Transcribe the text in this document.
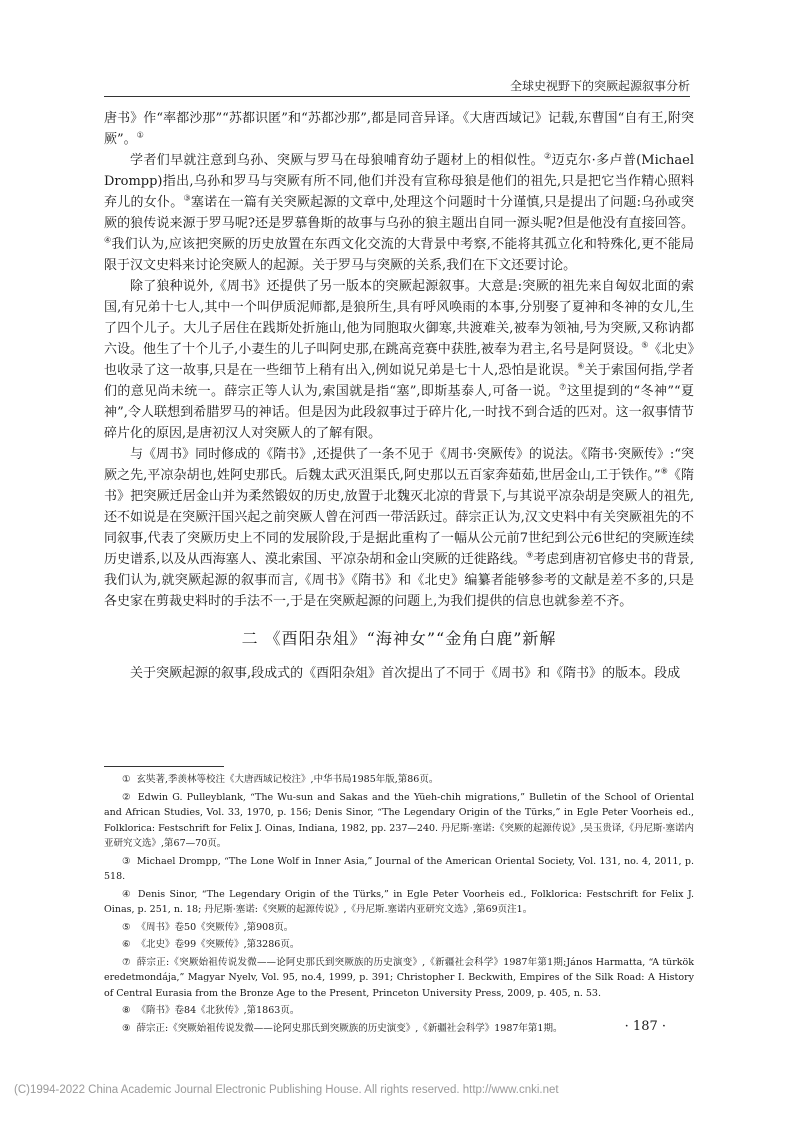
全球史视野下的突厥起源叙事分析

唐书》作“率都沙那”“苏都识匿”和“苏都沙那”,都是同音异译。《大唐西域记》记载,东曹国“自有王,附突厥”。①

学者们早就注意到乌孙、突厥与罗马在母狼哺育幼子题材上的相似性。②迈克尔·多卢普(Michael Drompp)指出,乌孙和罗马与突厥有所不同,他们并没有宣称母狼是他们的祖先,只是把它当作精心照料弃儿的女仆。③塞诺在一篇有关突厥起源的文章中,处理这个问题时十分谨慎,只是提出了问题:乌孙或突厥的狼传说来源于罗马呢?还是罗慕鲁斯的故事与乌孙的狼主题出自同一源头呢?但是他没有直接回答。④我们认为,应该把突厥的历史放置在东西文化交流的大背景中考察,不能将其孤立化和特殊化,更不能局限于汉文史料来讨论突厥人的起源。关于罗马与突厥的关系,我们在下文还要讨论。

除了狼种说外,《周书》还提供了另一版本的突厥起源叙事。大意是:突厥的祖先来自匈奴北面的索国,有兄弟十七人,其中一个叫伊质泥师都,是狼所生,具有呼风唤雨的本事,分别娶了夏神和冬神的女儿,生了四个儿子。大儿子居住在践斯处折施山,他为同胞取火御寒,共渡难关,被奉为领袖,号为突厥,又称讷都六设。他生了十个儿子,小妻生的儿子叫阿史那,在跳高竞赛中获胜,被奉为君主,名号是阿贤设。⑤《北史》也收录了这一故事,只是在一些细节上稍有出入,例如说兄弟是七十人,恐怕是讹误。⑥关于索国何指,学者们的意见尚未统一。薛宗正等人认为,索国就是指“塞”,即斯基泰人,可备一说。⑦这里提到的“冬神”“夏神”,令人联想到希腊罗马的神话。但是因为此段叙事过于碎片化,一时找不到合适的匹对。这一叙事情节碎片化的原因,是唐初汉人对突厥人的了解有限。

与《周书》同时修成的《隋书》,还提供了一条不见于《周书·突厥传》的说法。《隋书·突厥传》:“突厥之先,平凉杂胡也,姓阿史那氏。后魏太武灭沮渠氏,阿史那以五百家奔茹茹,世居金山,工于铁作。”⑧《隋书》把突厥迁居金山并为柔然锻奴的历史,放置于北魏灭北凉的背景下,与其说平凉杂胡是突厥人的祖先,还不如说是在突厥汗国兴起之前突厥人曾在河西一带活跃过。薛宗正认为,汉文史料中有关突厥祖先的不同叙事,代表了突厥历史上不同的发展阶段,于是据此重构了一幅从公元前7世纪到公元6世纪的突厥连续历史谱系,以及从西海塞人、漠北索国、平凉杂胡和金山突厥的迁徙路线。⑨考虑到唐初官修史书的背景,我们认为,就突厥起源的叙事而言,《周书》《隋书》和《北史》编纂者能够参考的文献是差不多的,只是各史家在剪裁史料时的手法不一,于是在突厥起源的问题上,为我们提供的信息也就参差不齐。

二 《酉阳杂俎》“海神女”“金角白鹿”新解

关于突厥起源的叙事,段成式的《酉阳杂俎》首次提出了不同于《周书》和《隋书》的版本。段成

① 玄奘著,季羡林等校注《大唐西域记校注》,中华书局1985年版,第86页。
② Edwin G. Pulleyblank, “The Wu-sun and Sakas and the Yüeh-chih migrations,” Bulletin of the School of Oriental and African Studies, Vol. 33, 1970, p. 156; Denis Sinor, “The Legendary Origin of the Türks,” in Egle Peter Voorheis ed., Folklorica: Festschrift for Felix J. Oinas, Indiana, 1982, pp. 237—240. 丹尼斯·塞诺:《突厥的起源传说》,吴玉贵译,《丹尼斯·塞诺内亚研究文选》,第67—70页。
③ Michael Drompp, “The Lone Wolf in Inner Asia,” Journal of the American Oriental Society, Vol. 131, no. 4, 2011, p. 518.
④ Denis Sinor, “The Legendary Origin of the Türks,” in Egle Peter Voorheis ed., Folklorica: Festschrift for Felix J. Oinas, p. 251, n. 18; 丹尼斯·塞诺:《突厥的起源传说》,《丹尼斯.塞诺内亚研究文选》,第69页注1。
⑤ 《周书》卷50《突厥传》,第908页。
⑥ 《北史》卷99《突厥传》,第3286页。
⑦ 薛宗正:《突厥始祖传说发微——论阿史那氏到突厥族的历史演变》,《新疆社会科学》1987年第1期;János Harmatta, “A türkök eredetmondája,” Magyar Nyelv, Vol. 95, no.4, 1999, p. 391; Christopher I. Beckwith, Empires of the Silk Road: A History of Central Eurasia from the Bronze Age to the Present, Princeton University Press, 2009, p. 405, n. 53.
⑧ 《隋书》卷84《北狄传》,第1863页。
⑨ 薛宗正:《突厥始祖传说发微——论阿史那氏到突厥族的历史演变》,《新疆社会科学》1987年第1期。	· 187 ·
(C)1994-2022 China Academic Journal Electronic Publishing House. All rights reserved. http://www.cnki.net
